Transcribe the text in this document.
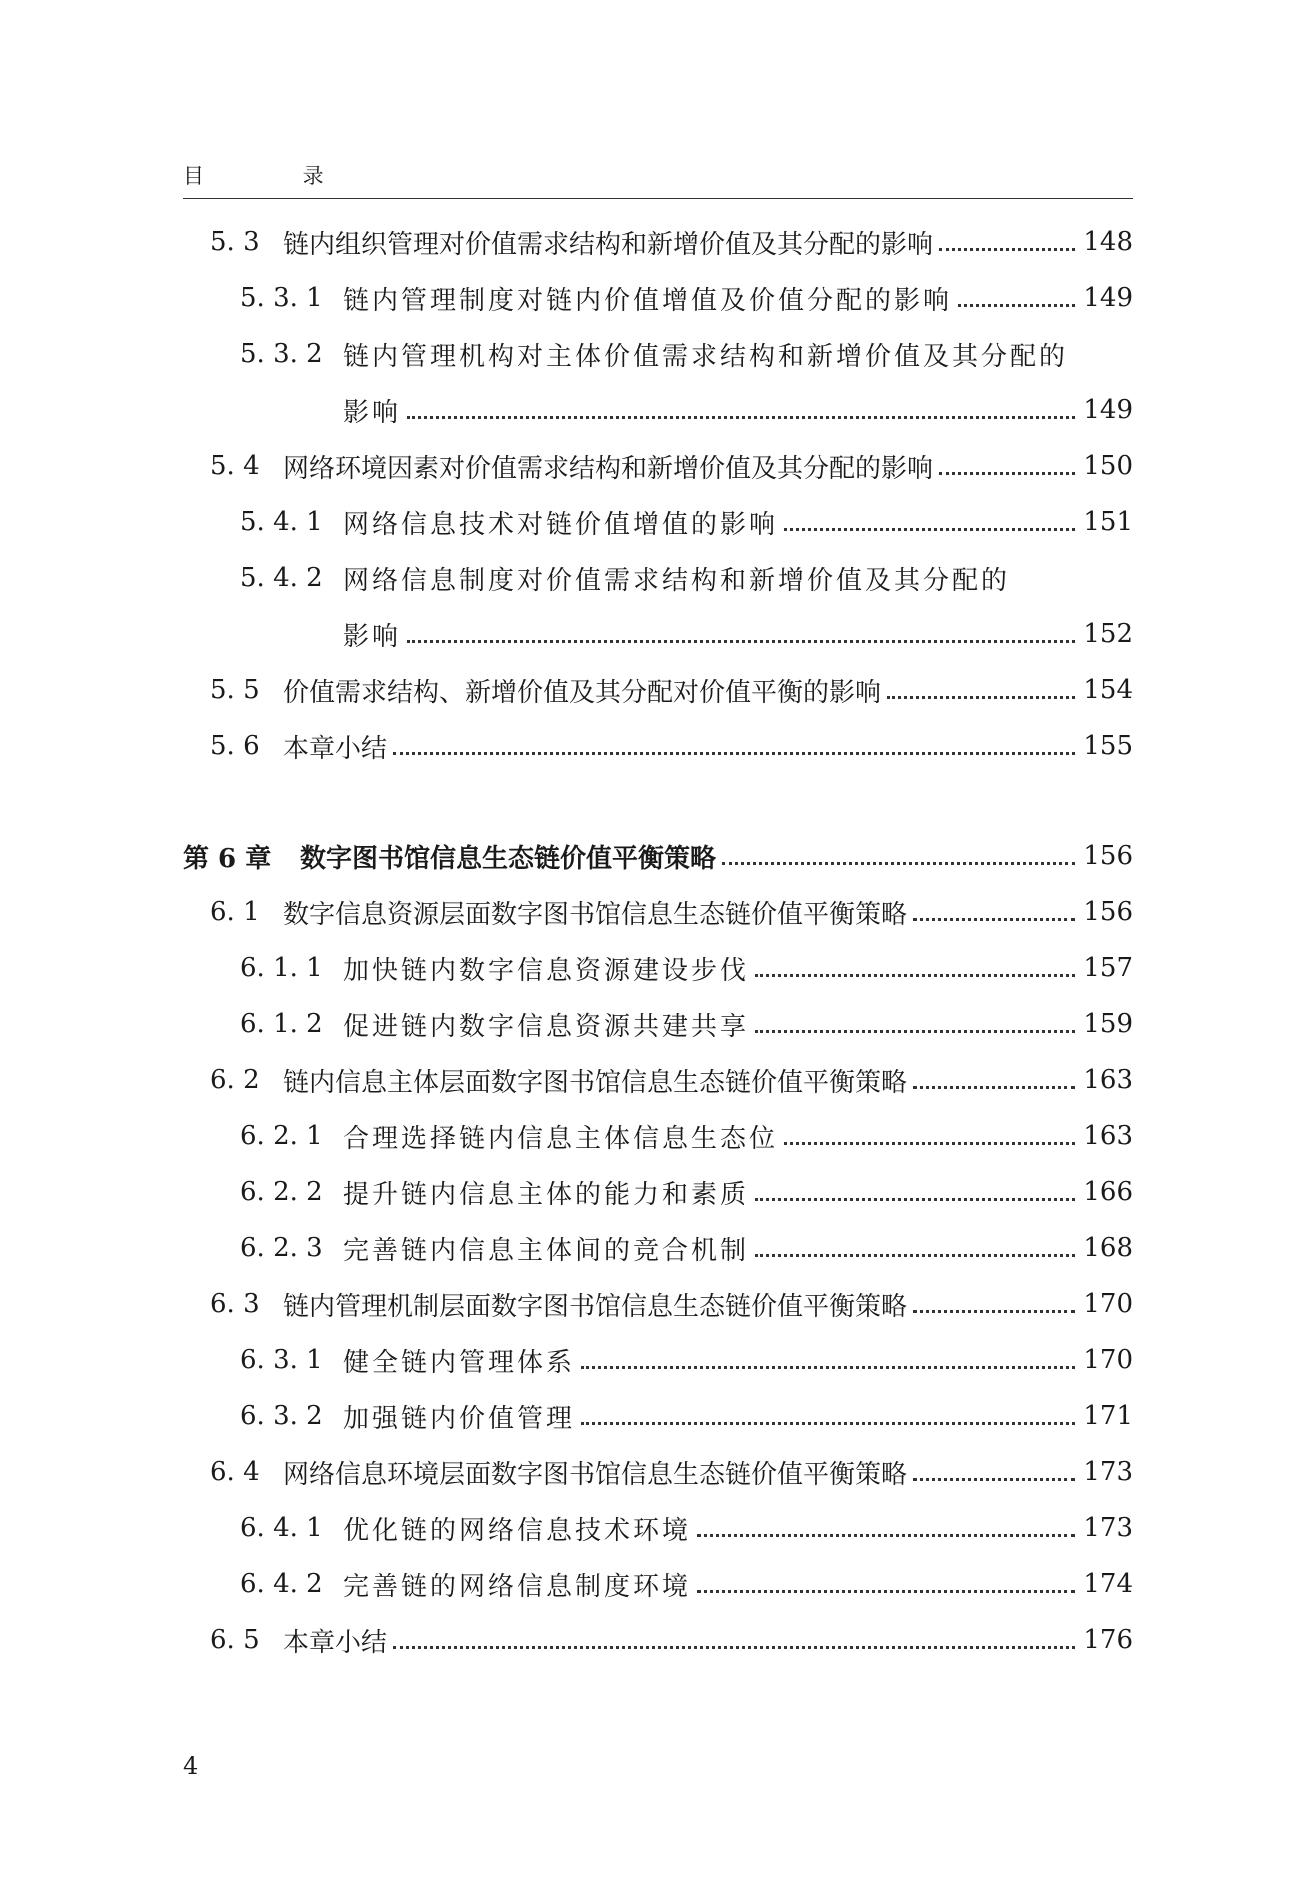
目 录
5. 3 链内组织管理对价值需求结构和新增价值及其分配的影响	148
5. 3. 1 链内管理制度对链内价值增值及价值分配的影响	149
5. 3. 2 链内管理机构对主体价值需求结构和新增价值及其分配的
影响	149
5. 4 网络环境因素对价值需求结构和新增价值及其分配的影响	150
5. 4. 1 网络信息技术对链价值增值的影响	151
5. 4. 2 网络信息制度对价值需求结构和新增价值及其分配的
影响	152
5. 5 价值需求结构、新增价值及其分配对价值平衡的影响	154
5. 6 本章小结	155
第 6 章 数字图书馆信息生态链价值平衡策略	156
6. 1 数字信息资源层面数字图书馆信息生态链价值平衡策略	156
6. 1. 1 加快链内数字信息资源建设步伐	157
6. 1. 2 促进链内数字信息资源共建共享	159
6. 2 链内信息主体层面数字图书馆信息生态链价值平衡策略	163
6. 2. 1 合理选择链内信息主体信息生态位	163
6. 2. 2 提升链内信息主体的能力和素质	166
6. 2. 3 完善链内信息主体间的竞合机制	168
6. 3 链内管理机制层面数字图书馆信息生态链价值平衡策略	170
6. 3. 1 健全链内管理体系	170
6. 3. 2 加强链内价值管理	171
6. 4 网络信息环境层面数字图书馆信息生态链价值平衡策略	173
6. 4. 1 优化链的网络信息技术环境	173
6. 4. 2 完善链的网络信息制度环境	174
6. 5 本章小结	176
4
